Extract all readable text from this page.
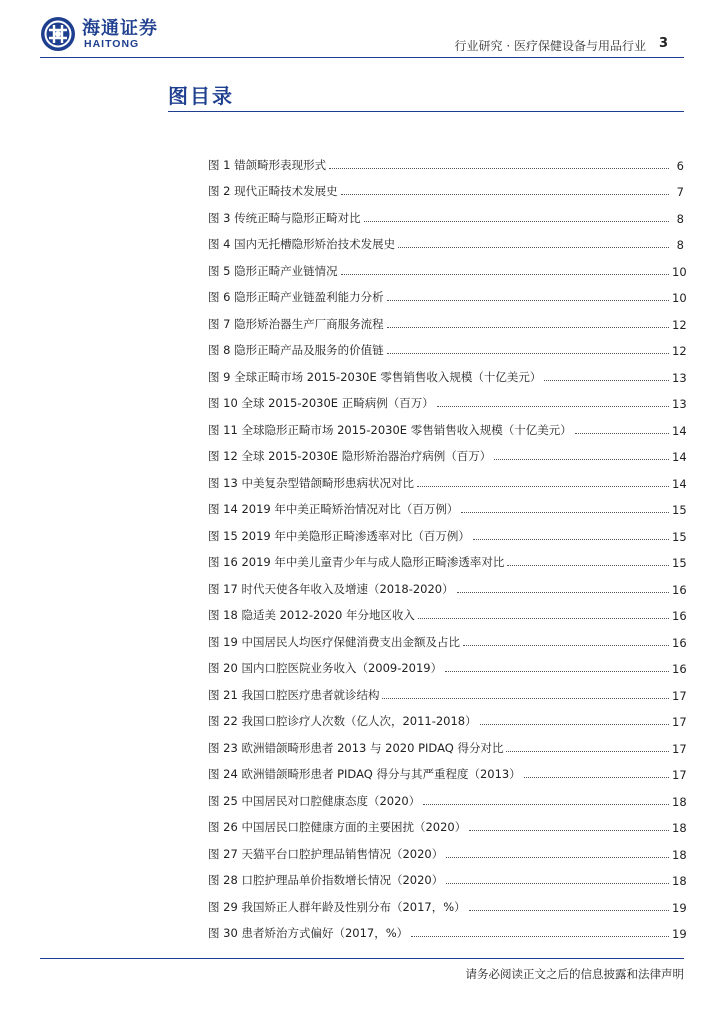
海通证券
HAITONG	行业研究 · 医疗保健设备与用品行业 3
图目录
图 1 错颌畸形表现形式	6
图 2 现代正畸技术发展史	7
图 3 传统正畸与隐形正畸对比	8
图 4 国内无托槽隐形矫治技术发展史	8
图 5 隐形正畸产业链情况	10
图 6 隐形正畸产业链盈利能力分析	10
图 7 隐形矫治器生产厂商服务流程	12
图 8 隐形正畸产品及服务的价值链	12
图 9 全球正畸市场 2015-2030E 零售销售收入规模（十亿美元）	13
图 10 全球 2015-2030E 正畸病例（百万）	13
图 11 全球隐形正畸市场 2015-2030E 零售销售收入规模（十亿美元）	14
图 12 全球 2015-2030E 隐形矫治器治疗病例（百万）	14
图 13 中美复杂型错颌畸形患病状况对比	14
图 14 2019 年中美正畸矫治情况对比（百万例）	15
图 15 2019 年中美隐形正畸渗透率对比（百万例）	15
图 16 2019 年中美儿童青少年与成人隐形正畸渗透率对比	15
图 17 时代天使各年收入及增速（2018-2020）	16
图 18 隐适美 2012-2020 年分地区收入	16
图 19 中国居民人均医疗保健消费支出金额及占比	16
图 20 国内口腔医院业务收入（2009-2019）	16
图 21 我国口腔医疗患者就诊结构	17
图 22 我国口腔诊疗人次数（亿人次，2011-2018）	17
图 23 欧洲错颌畸形患者 2013 与 2020 PIDAQ 得分对比	17
图 24 欧洲错颌畸形患者 PIDAQ 得分与其严重程度（2013）	17
图 25 中国居民对口腔健康态度（2020）	18
图 26 中国居民口腔健康方面的主要困扰（2020）	18
图 27 天猫平台口腔护理品销售情况（2020）	18
图 28 口腔护理品单价指数增长情况（2020）	18
图 29 我国矫正人群年龄及性别分布（2017，%）	19
图 30 患者矫治方式偏好（2017，%）	19
请务必阅读正文之后的信息披露和法律声明
